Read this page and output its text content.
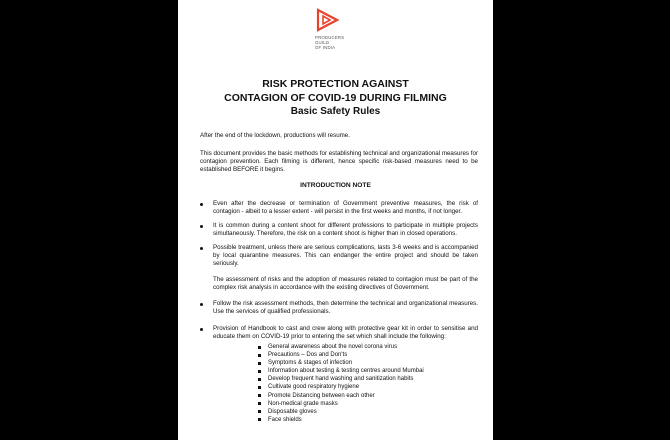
PRODUCERS
GUILD
OF INDIA
RISK PROTECTION AGAINST
CONTAGION OF COVID-19 DURING FILMING
Basic Safety Rules
After the end of the lockdown, productions will resume.
This document provides the basic methods for establishing technical and organizational measures for contagion prevention. Each filming is different, hence specific risk-based measures need to be established BEFORE it begins.
INTRODUCTION NOTE
Even after the decrease or termination of Government preventive measures, the risk of contagion - albeit to a lesser extent - will persist in the first weeks and months, if not longer.
It is common during a content shoot for different professions to participate in multiple projects simultaneously. Therefore, the risk on a content shoot is higher than in closed operations.
Possible treatment, unless there are serious complications, lasts 3-6 weeks and is accompanied by local quarantine measures. This can endanger the entire project and should be taken seriously.
The assessment of risks and the adoption of measures related to contagion must be part of the complex risk analysis in accordance with the existing directives of Government.
Follow the risk assessment methods, then determine the technical and organizational measures. Use the services of qualified professionals.
Provision of Handbook to cast and crew along with protective gear kit in order to sensitise and educate them on COVID-19 prior to entering the set which shall include the following:
General awareness about the novel corona virus
Precautions – Dos and Don'ts
Symptoms & stages of infection
Information about testing & testing centres around Mumbai
Develop frequent hand washing and sanitization habits
Cultivate good respiratory hygiene
Promote Distancing between each other
Non-medical grade masks
Disposable gloves
Face shields
